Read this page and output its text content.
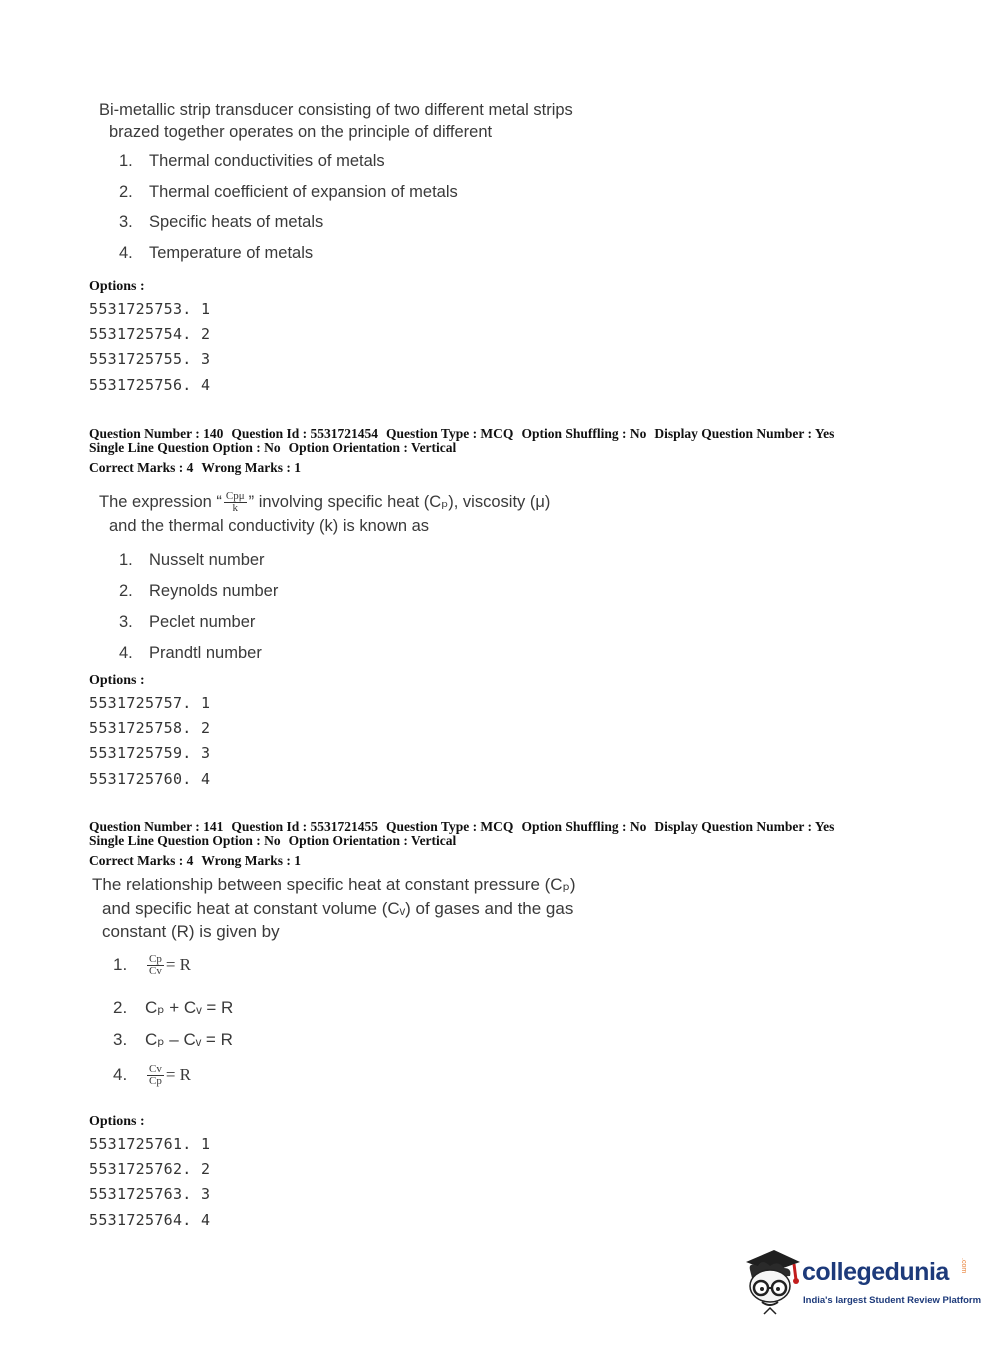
Bi-metallic strip transducer consisting of two different metal strips
brazed together operates on the principle of different
1. Thermal conductivities of metals
2. Thermal coefficient of expansion of metals
3. Specific heats of metals
4. Temperature of metals
Options :
5531725753. 1
5531725754. 2
5531725755. 3
5531725756. 4
Question Number : 140 Question Id : 5531721454 Question Type : MCQ Option Shuffling : No Display Question Number : Yes
Single Line Question Option : No Option Orientation : Vertical
Correct Marks : 4 Wrong Marks : 1
The expression “ $\frac{\text{Cpμ}}{k}$ ” involving specific heat (Cₚ), viscosity (μ)
and the thermal conductivity (k) is known as
1. Nusselt number
2. Reynolds number
3. Peclet number
4. Prandtl number
Options :
5531725757. 1
5531725758. 2
5531725759. 3
5531725760. 4
Question Number : 141 Question Id : 5531721455 Question Type : MCQ Option Shuffling : No Display Question Number : Yes
Single Line Question Option : No Option Orientation : Vertical
Correct Marks : 4 Wrong Marks : 1
The relationship between specific heat at constant pressure (Cₚ)
and specific heat at constant volume (Cᵥ) of gases and the gas
constant (R) is given by
1. $\frac{Cp}{Cv} = R$
2. Cₚ + Cᵥ = R
3. Cₚ – Cᵥ = R
4. $\frac{Cv}{Cp} = R$
Options :
5531725761. 1
5531725762. 2
5531725763. 3
5531725764. 4
collegedunia .com
India's largest Student Review Platform
